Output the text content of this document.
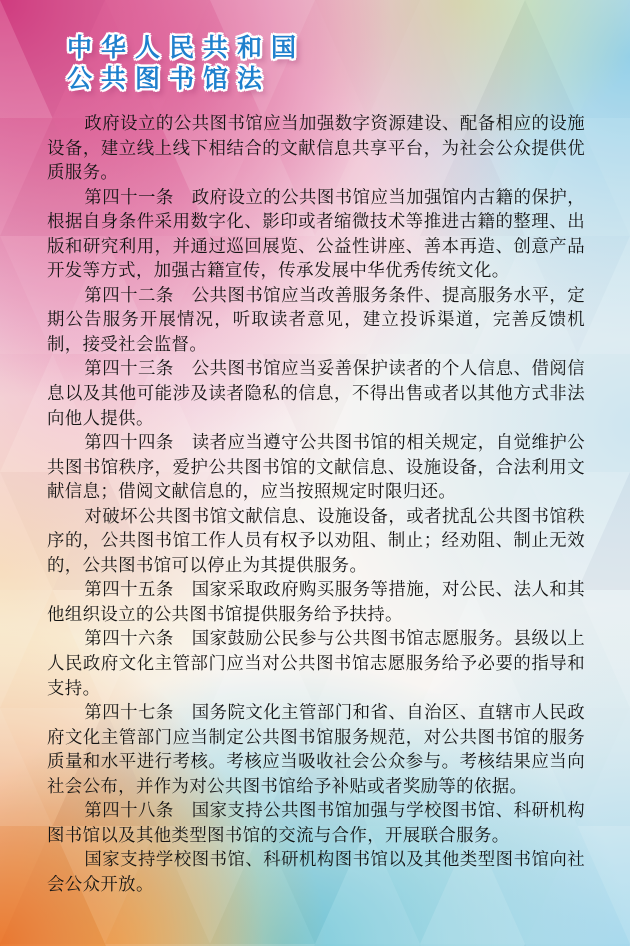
中华人民共和国
公共图书馆法

政府设立的公共图书馆应当加强数字资源建设、配备相应的设施设备，建立线上线下相结合的文献信息共享平台，为社会公众提供优质服务。

第四十一条　政府设立的公共图书馆应当加强馆内古籍的保护，根据自身条件采用数字化、影印或者缩微技术等推进古籍的整理、出版和研究利用，并通过巡回展览、公益性讲座、善本再造、创意产品开发等方式，加强古籍宣传，传承发展中华优秀传统文化。

第四十二条　公共图书馆应当改善服务条件、提高服务水平，定期公告服务开展情况，听取读者意见，建立投诉渠道，完善反馈机制，接受社会监督。

第四十三条　公共图书馆应当妥善保护读者的个人信息、借阅信息以及其他可能涉及读者隐私的信息，不得出售或者以其他方式非法向他人提供。

第四十四条　读者应当遵守公共图书馆的相关规定，自觉维护公共图书馆秩序，爱护公共图书馆的文献信息、设施设备，合法利用文献信息；借阅文献信息的，应当按照规定时限归还。

对破坏公共图书馆文献信息、设施设备，或者扰乱公共图书馆秩序的，公共图书馆工作人员有权予以劝阻、制止；经劝阻、制止无效的，公共图书馆可以停止为其提供服务。

第四十五条　国家采取政府购买服务等措施，对公民、法人和其他组织设立的公共图书馆提供服务给予扶持。

第四十六条　国家鼓励公民参与公共图书馆志愿服务。县级以上人民政府文化主管部门应当对公共图书馆志愿服务给予必要的指导和支持。

第四十七条　国务院文化主管部门和省、自治区、直辖市人民政府文化主管部门应当制定公共图书馆服务规范，对公共图书馆的服务质量和水平进行考核。考核应当吸收社会公众参与。考核结果应当向社会公布，并作为对公共图书馆给予补贴或者奖励等的依据。

第四十八条　国家支持公共图书馆加强与学校图书馆、科研机构图书馆以及其他类型图书馆的交流与合作，开展联合服务。

国家支持学校图书馆、科研机构图书馆以及其他类型图书馆向社会公众开放。
